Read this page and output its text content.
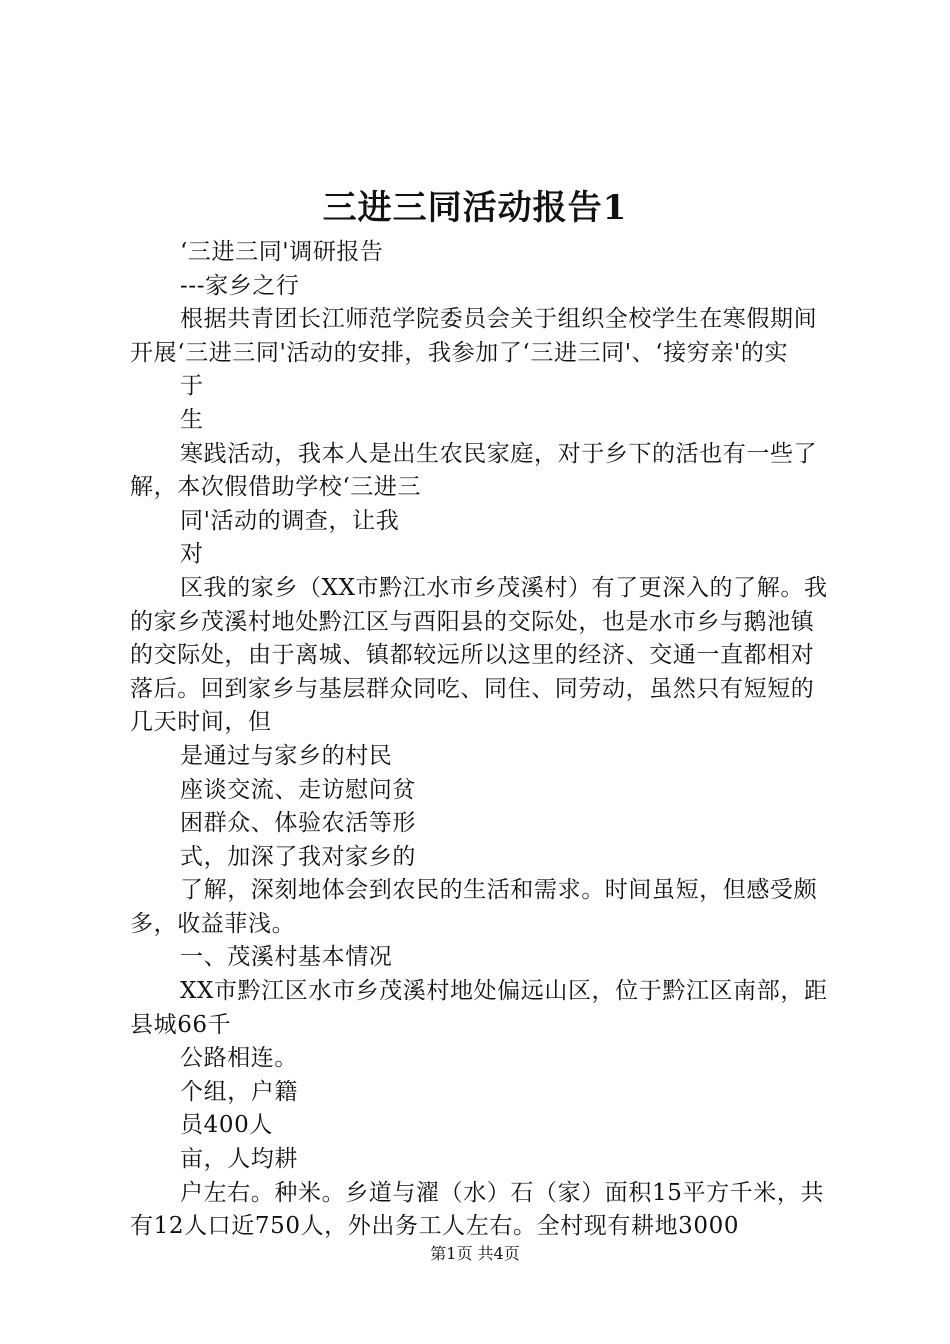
三进三同活动报告1

‘三进三同'调研报告

---家乡之行

根据共青团长江师范学院委员会关于组织全校学生在寒假期间开展‘三进三同'活动的安排，我参加了‘三进三同'、‘接穷亲'的实

于

生

寒践活动，我本人是出生农民家庭，对于乡下的活也有一些了解，本次假借助学校‘三进三

同'活动的调查，让我

对

区我的家乡（XX市黔江水市乡茂溪村）有了更深入的了解。我的家乡茂溪村地处黔江区与酉阳县的交际处，也是水市乡与鹅池镇的交际处，由于离城、镇都较远所以这里的经济、交通一直都相对落后。回到家乡与基层群众同吃、同住、同劳动，虽然只有短短的几天时间，但

是通过与家乡的村民

座谈交流、走访慰问贫

困群众、体验农活等形

式，加深了我对家乡的

了解，深刻地体会到农民的生活和需求。时间虽短，但感受颇多，收益菲浅。

一、茂溪村基本情况

XX市黔江区水市乡茂溪村地处偏远山区，位于黔江区南部，距县城66千

公路相连。

个组，户籍

员400人

亩，人均耕

户左右。种米。乡道与濯（水）石（家）面积15平方千米，共有12人口近750人，外出务工人左右。全村现有耕地3000

第1页 共4页
